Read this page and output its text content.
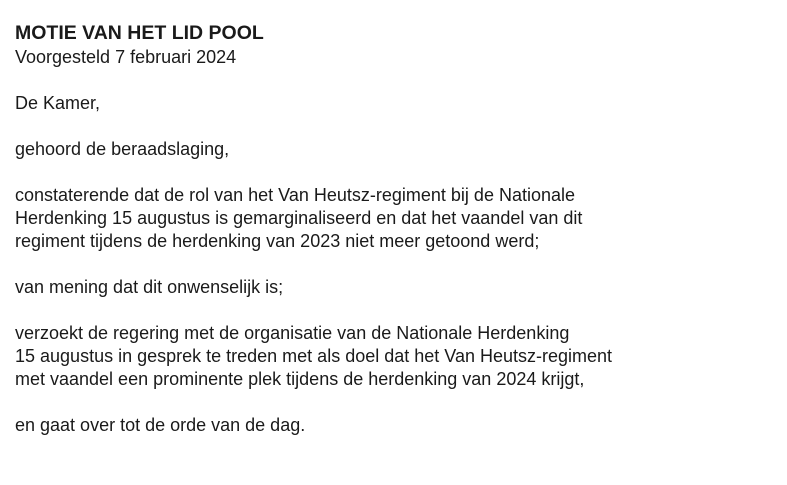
MOTIE VAN HET LID POOL

Voorgesteld 7 februari 2024

De Kamer,

gehoord de beraadslaging,

constaterende dat de rol van het Van Heutsz-regiment bij de Nationale

Herdenking 15 augustus is gemarginaliseerd en dat het vaandel van dit

regiment tijdens de herdenking van 2023 niet meer getoond werd;

van mening dat dit onwenselijk is;

verzoekt de regering met de organisatie van de Nationale Herdenking

15 augustus in gesprek te treden met als doel dat het Van Heutsz-regiment

met vaandel een prominente plek tijdens de herdenking van 2024 krijgt,

en gaat over tot de orde van de dag.
